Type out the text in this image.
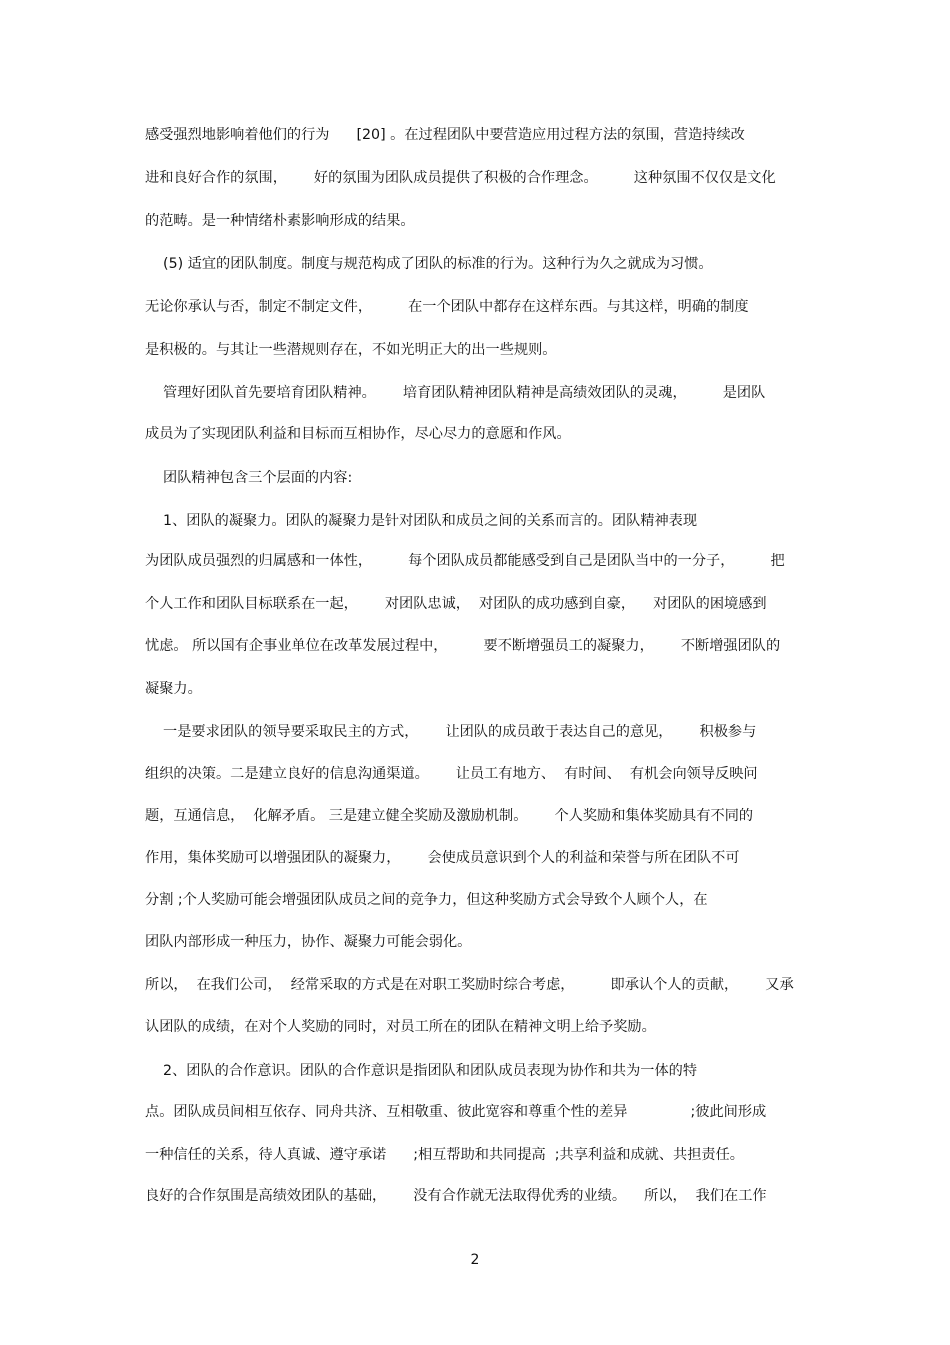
感受强烈地影响着他们的行为      [20] 。在过程团队中要营造应用过程方法的氛围，营造持续改

进和良好合作的氛围，      好的氛围为团队成员提供了积极的合作理念。        这种氛围不仅仅是文化

的范畴。是一种情绪朴素影响形成的结果。

(5) 适宜的团队制度。制度与规范构成了团队的标准的行为。这种行为久之就成为习惯。

无论你承认与否，制定不制定文件，        在一个团队中都存在这样东西。与其这样，明确的制度

是积极的。与其让一些潜规则存在，不如光明正大的出一些规则。

管理好团队首先要培育团队精神。      培育团队精神团队精神是高绩效团队的灵魂，        是团队

成员为了实现团队利益和目标而互相协作，尽心尽力的意愿和作风。

团队精神包含三个层面的内容:

1、团队的凝聚力。团队的凝聚力是针对团队和成员之间的关系而言的。团队精神表现

为团队成员强烈的归属感和一体性，        每个团队成员都能感受到自己是团队当中的一分子，        把

个人工作和团队目标联系在一起，      对团队忠诚，  对团队的成功感到自豪，    对团队的困境感到

忧虑。 所以国有企事业单位在改革发展过程中，        要不断增强员工的凝聚力，      不断增强团队的

凝聚力。

一是要求团队的领导要采取民主的方式，      让团队的成员敢于表达自己的意见，      积极参与

组织的决策。二是建立良好的信息沟通渠道。      让员工有地方、  有时间、  有机会向领导反映问

题，互通信息，  化解矛盾。 三是建立健全奖励及激励机制。      个人奖励和集体奖励具有不同的

作用，集体奖励可以增强团队的凝聚力，      会使成员意识到个人的利益和荣誉与所在团队不可

分割 ;个人奖励可能会增强团队成员之间的竞争力，但这种奖励方式会导致个人顾个人，在

团队内部形成一种压力，协作、凝聚力可能会弱化。

所以，  在我们公司，  经常采取的方式是在对职工奖励时综合考虑，        即承认个人的贡献，      又承

认团队的成绩，在对个人奖励的同时，对员工所在的团队在精神文明上给予奖励。

2、团队的合作意识。团队的合作意识是指团队和团队成员表现为协作和共为一体的特

点。团队成员间相互依存、同舟共济、互相敬重、彼此宽容和尊重个性的差异              ;彼此间形成

一种信任的关系，待人真诚、遵守承诺      ;相互帮助和共同提高  ;共享利益和成就、共担责任。

良好的合作氛围是高绩效团队的基础，      没有合作就无法取得优秀的业绩。    所以，  我们在工作

2
